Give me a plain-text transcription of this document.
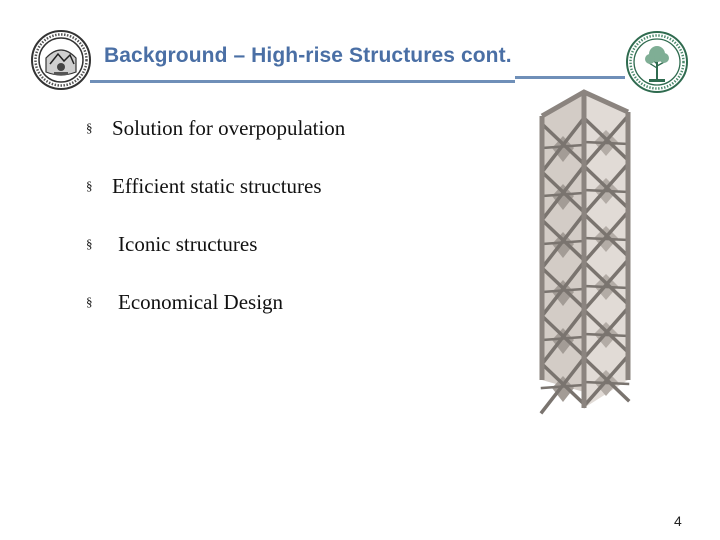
Background – High-rise Structures cont.
§ Solution for overpopulation
§ Efficient static structures
§ Iconic structures
§ Economical Design
4
